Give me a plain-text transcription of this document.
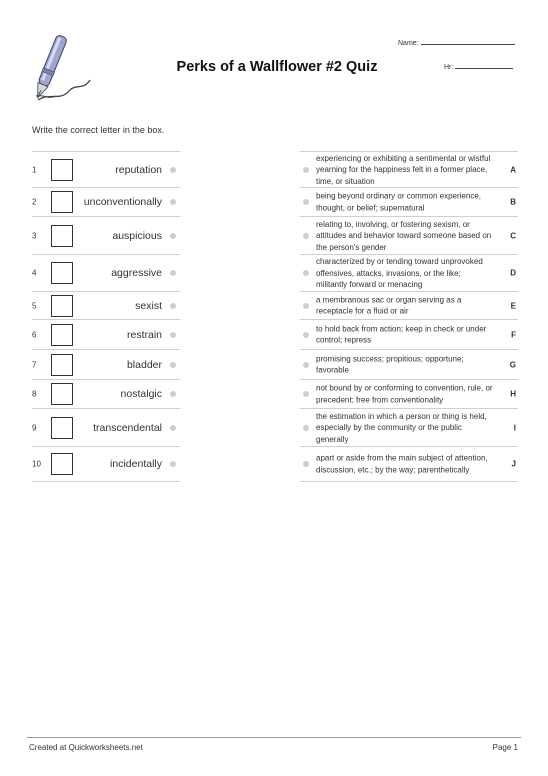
Name:
Hr:
Perks of a Wallflower #2 Quiz
Write the correct letter in the box.
1	reputation
2	unconventionally
3	auspicious
4	aggressive
5	sexist
6	restrain
7	bladder
8	nostalgic
9	transcendental
10	incidentally
experiencing or exhibiting a sentimental or wistful yearning for the happiness felt in a former place, time, or situation
A
being beyond ordinary or common experience, thought, or belief; supernatural
B
relating to, involving, or fostering sexism, or attitudes and behavior toward someone based on the person's gender
C
characterized by or tending toward unprovoked offensives, attacks, invasions, or the like; militantly forward or menacing
D
a membranous sac or organ serving as a receptacle for a fluid or air
E
to hold back from action; keep in check or under control; repress
F
promising success; propitious; opportune; favorable
G
not bound by or conforming to convention, rule, or precedent; free from conventionality
H
the estimation in which a person or thing is held, especially by the community or the public generally
I
apart or aside from the main subject of attention, discussion, etc.; by the way; parenthetically
J
Created at Quickworksheets.net	Page 1
